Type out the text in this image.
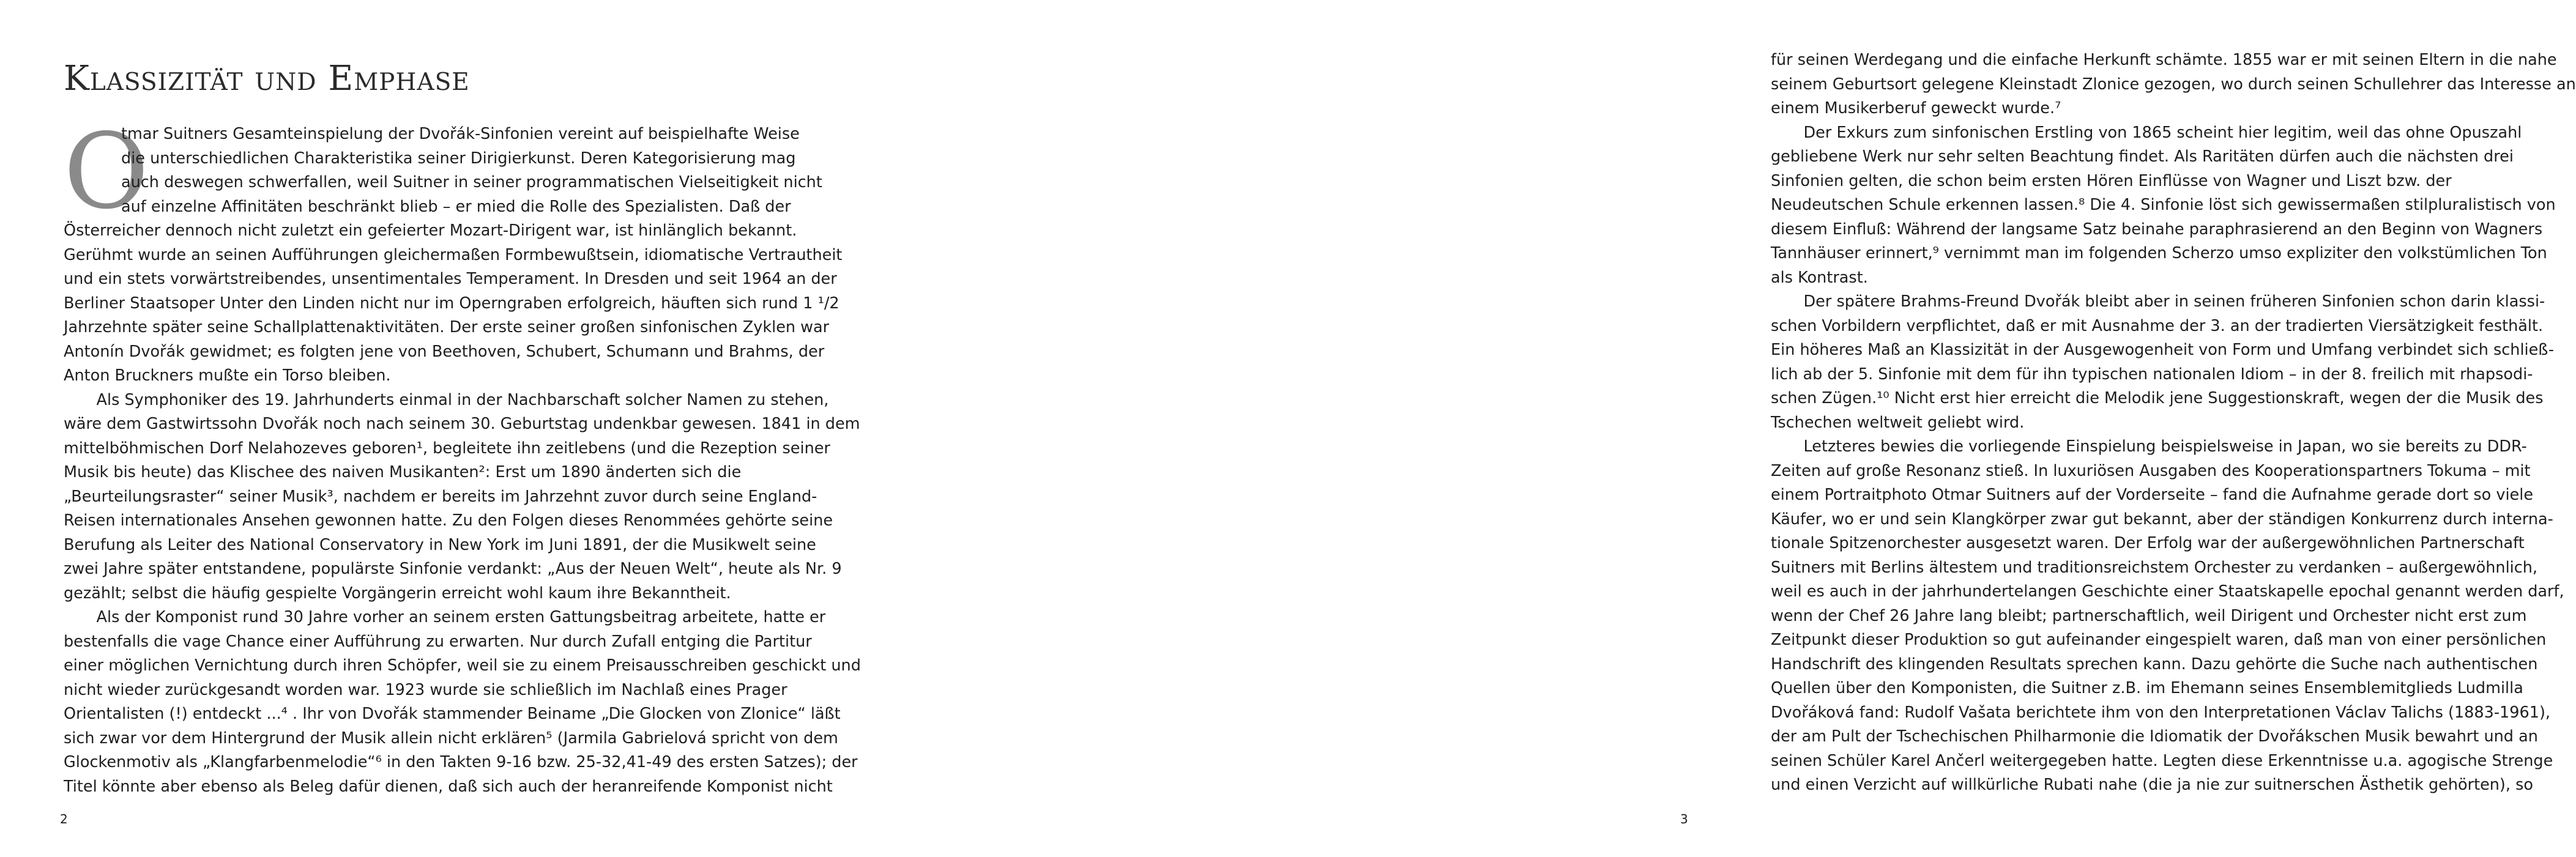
Klassizität und Emphase
O
tmar Suitners Gesamteinspielung der Dvořák-Sinfonien vereint auf beispielhafte Weise
die unterschiedlichen Charakteristika seiner Dirigierkunst. Deren Kategorisierung mag
auch deswegen schwerfallen, weil Suitner in seiner programmatischen Vielseitigkeit nicht
auf einzelne Affinitäten beschränkt blieb – er mied die Rolle des Spezialisten. Daß der
Österreicher dennoch nicht zuletzt ein gefeierter Mozart-Dirigent war, ist hinlänglich bekannt.
Gerühmt wurde an seinen Aufführungen gleichermaßen Formbewußtsein, idiomatische Vertrautheit
und ein stets vorwärtstreibendes, unsentimentales Temperament. In Dresden und seit 1964 an der
Berliner Staatsoper Unter den Linden nicht nur im Operngraben erfolgreich, häuften sich rund 1 ¹/2
Jahrzehnte später seine Schallplattenaktivitäten. Der erste seiner großen sinfonischen Zyklen war
Antonín Dvořák gewidmet; es folgten jene von Beethoven, Schubert, Schumann und Brahms, der
Anton Bruckners mußte ein Torso bleiben.
Als Symphoniker des 19. Jahrhunderts einmal in der Nachbarschaft solcher Namen zu stehen,
wäre dem Gastwirtssohn Dvořák noch nach seinem 30. Geburtstag undenkbar gewesen. 1841 in dem
mittelböhmischen Dorf Nelahozeves geboren¹, begleitete ihn zeitlebens (und die Rezeption seiner
Musik bis heute) das Klischee des naiven Musikanten²: Erst um 1890 änderten sich die
„Beurteilungsraster“ seiner Musik³, nachdem er bereits im Jahrzehnt zuvor durch seine England-
Reisen internationales Ansehen gewonnen hatte. Zu den Folgen dieses Renommées gehörte seine
Berufung als Leiter des National Conservatory in New York im Juni 1891, der die Musikwelt seine
zwei Jahre später entstandene, populärste Sinfonie verdankt: „Aus der Neuen Welt“, heute als Nr. 9
gezählt; selbst die häufig gespielte Vorgängerin erreicht wohl kaum ihre Bekanntheit.
Als der Komponist rund 30 Jahre vorher an seinem ersten Gattungsbeitrag arbeitete, hatte er
bestenfalls die vage Chance einer Aufführung zu erwarten. Nur durch Zufall entging die Partitur
einer möglichen Vernichtung durch ihren Schöpfer, weil sie zu einem Preisausschreiben geschickt und
nicht wieder zurückgesandt worden war. 1923 wurde sie schließlich im Nachlaß eines Prager
Orientalisten (!) entdeckt ...⁴ . Ihr von Dvořák stammender Beiname „Die Glocken von Zlonice“ läßt
sich zwar vor dem Hintergrund der Musik allein nicht erklären⁵ (Jarmila Gabrielová spricht von dem
Glockenmotiv als „Klangfarbenmelodie“⁶ in den Takten 9-16 bzw. 25-32,41-49 des ersten Satzes); der
Titel könnte aber ebenso als Beleg dafür dienen, daß sich auch der heranreifende Komponist nicht
2
für seinen Werdegang und die einfache Herkunft schämte. 1855 war er mit seinen Eltern in die nahe
seinem Geburtsort gelegene Kleinstadt Zlonice gezogen, wo durch seinen Schullehrer das Interesse an
einem Musikerberuf geweckt wurde.⁷
Der Exkurs zum sinfonischen Erstling von 1865 scheint hier legitim, weil das ohne Opuszahl
gebliebene Werk nur sehr selten Beachtung findet. Als Raritäten dürfen auch die nächsten drei
Sinfonien gelten, die schon beim ersten Hören Einflüsse von Wagner und Liszt bzw. der
Neudeutschen Schule erkennen lassen.⁸ Die 4. Sinfonie löst sich gewissermaßen stilpluralistisch von
diesem Einfluß: Während der langsame Satz beinahe paraphrasierend an den Beginn von Wagners
Tannhäuser erinnert,⁹ vernimmt man im folgenden Scherzo umso expliziter den volkstümlichen Ton
als Kontrast.
Der spätere Brahms-Freund Dvořák bleibt aber in seinen früheren Sinfonien schon darin klassi-
schen Vorbildern verpflichtet, daß er mit Ausnahme der 3. an der tradierten Viersätzigkeit festhält.
Ein höheres Maß an Klassizität in der Ausgewogenheit von Form und Umfang verbindet sich schließ-
lich ab der 5. Sinfonie mit dem für ihn typischen nationalen Idiom – in der 8. freilich mit rhapsodi-
schen Zügen.¹⁰ Nicht erst hier erreicht die Melodik jene Suggestionskraft, wegen der die Musik des
Tschechen weltweit geliebt wird.
Letzteres bewies die vorliegende Einspielung beispielsweise in Japan, wo sie bereits zu DDR-
Zeiten auf große Resonanz stieß. In luxuriösen Ausgaben des Kooperationspartners Tokuma – mit
einem Portraitphoto Otmar Suitners auf der Vorderseite – fand die Aufnahme gerade dort so viele
Käufer, wo er und sein Klangkörper zwar gut bekannt, aber der ständigen Konkurrenz durch interna-
tionale Spitzenorchester ausgesetzt waren. Der Erfolg war der außergewöhnlichen Partnerschaft
Suitners mit Berlins ältestem und traditionsreichstem Orchester zu verdanken – außergewöhnlich,
weil es auch in der jahrhundertelangen Geschichte einer Staatskapelle epochal genannt werden darf,
wenn der Chef 26 Jahre lang bleibt; partnerschaftlich, weil Dirigent und Orchester nicht erst zum
Zeitpunkt dieser Produktion so gut aufeinander eingespielt waren, daß man von einer persönlichen
Handschrift des klingenden Resultats sprechen kann. Dazu gehörte die Suche nach authentischen
Quellen über den Komponisten, die Suitner z.B. im Ehemann seines Ensemblemitglieds Ludmilla
Dvořáková fand: Rudolf Vašata berichtete ihm von den Interpretationen Václav Talichs (1883-1961),
der am Pult der Tschechischen Philharmonie die Idiomatik der Dvořákschen Musik bewahrt und an
seinen Schüler Karel Ančerl weitergegeben hatte. Legten diese Erkenntnisse u.a. agogische Strenge
und einen Verzicht auf willkürliche Rubati nahe (die ja nie zur suitnerschen Ästhetik gehörten), so
3
